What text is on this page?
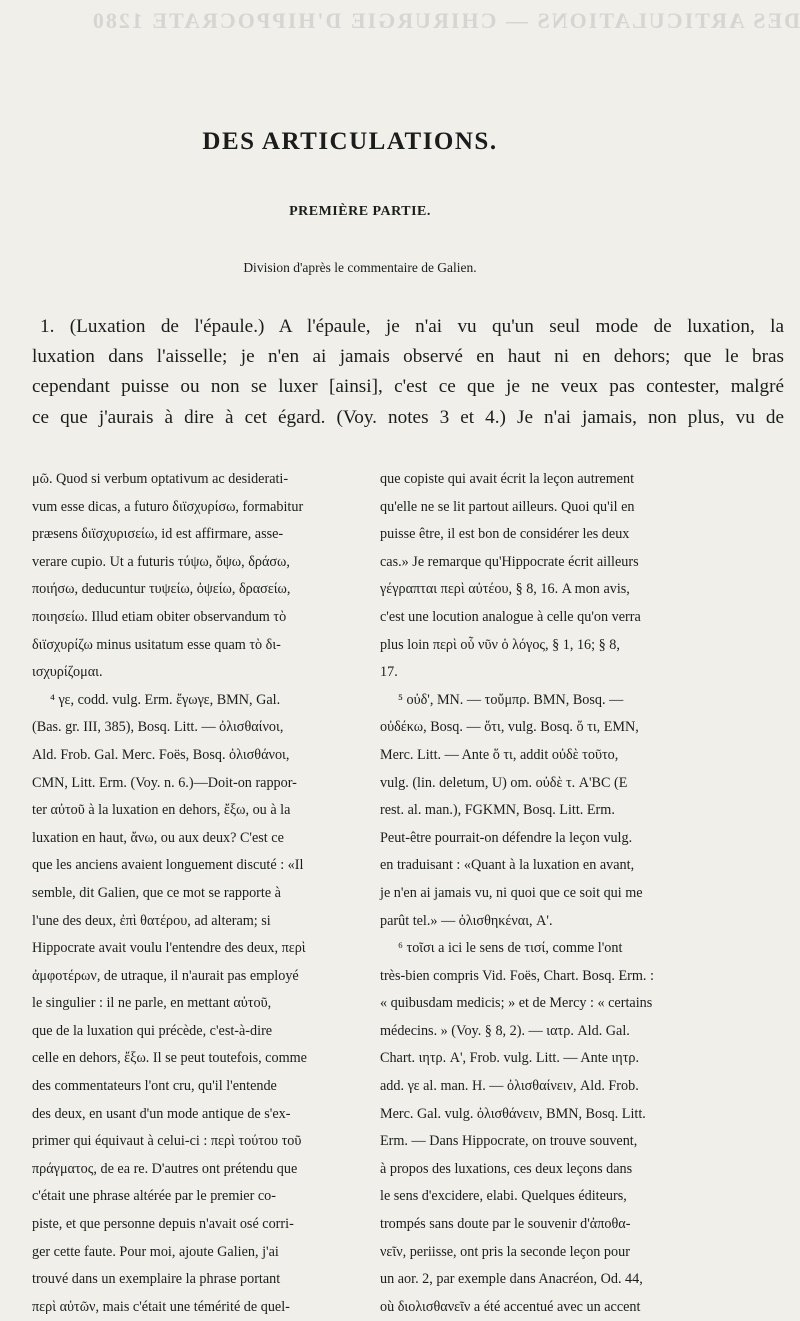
DES ARTICULATIONS — CHIRURGIE D'HIPPOCRATE 1280
DES ARTICULATIONS.
PREMIÈRE PARTIE.
Division d'après le commentaire de Galien.
1. (Luxation de l'épaule.) A l'épaule, je n'ai vu qu'un seul mode de luxation, la
luxation dans l'aisselle; je n'en ai jamais observé en haut ni en dehors; que le bras
cependant puisse ou non se luxer [ainsi], c'est ce que je ne veux pas contester, malgré
ce que j'aurais à dire à cet égard. (Voy. notes 3 et 4.) Je n'ai jamais, non plus, vu de
μῶ. Quod si verbum optativum ac desiderati-
vum esse dicas, a futuro διϊσχυρίσω, formabitur
præsens διϊσχυρισείω, id est affirmare, asse-
verare cupio. Ut a futuris τύψω, ὄψω, δράσω,
ποιήσω, deducuntur τυψείω, ὀψείω, δρασείω,
ποιησείω. Illud etiam obiter observandum τὸ
διϊσχυρίζω minus usitatum esse quam τὸ δι-
ισχυρίζομαι.
⁴ γε, codd. vulg. Erm. ἔγωγε, BMN, Gal.
(Bas. gr. III, 385), Bosq. Litt. — ὀλισθαίνοι,
Ald. Frob. Gal. Merc. Foës, Bosq. ὀλισθάνοι,
CMN, Litt. Erm. (Voy. n. 6.)—Doit-on rappor-
ter αὐτοῦ à la luxation en dehors, ἔξω, ou à la
luxation en haut, ἄνω, ou aux deux? C'est ce
que les anciens avaient longuement discuté : «Il
semble, dit Galien, que ce mot se rapporte à
l'une des deux, ἐπὶ θατέρου, ad alteram; si
Hippocrate avait voulu l'entendre des deux, περὶ
ἀμφοτέρων, de utraque, il n'aurait pas employé
le singulier : il ne parle, en mettant αὐτοῦ,
que de la luxation qui précède, c'est-à-dire
celle en dehors, ἔξω. Il se peut toutefois, comme
des commentateurs l'ont cru, qu'il l'entende
des deux, en usant d'un mode antique de s'ex-
primer qui équivaut à celui-ci : περὶ τούτου τοῦ
πράγματος, de ea re. D'autres ont prétendu que
c'était une phrase altérée par le premier co-
piste, et que personne depuis n'avait osé corri-
ger cette faute. Pour moi, ajoute Galien, j'ai
trouvé dans un exemplaire la phrase portant
περὶ αὐτῶν, mais c'était une témérité de quel-
que copiste qui avait écrit la leçon autrement
qu'elle ne se lit partout ailleurs. Quoi qu'il en
puisse être, il est bon de considérer les deux
cas.» Je remarque qu'Hippocrate écrit ailleurs
γέγραπται περὶ αὐτέου, § 8, 16. A mon avis,
c'est une locution analogue à celle qu'on verra
plus loin περὶ οὗ νῦν ὁ λόγος, § 1, 16; § 8,
17.
⁵ οὐδ', MN. — τοὔμπρ. BMN, Bosq. —
οὐδέκω, Bosq. — ὅτι, vulg. Bosq. ὅ τι, EMN,
Merc. Litt. — Ante ὅ τι, addit οὐδὲ τοῦτο,
vulg. (lin. deletum, U) om. οὐδὲ τ. A'BC (E
rest. al. man.), FGKMN, Bosq. Litt. Erm.
Peut-être pourrait-on défendre la leçon vulg.
en traduisant : «Quant à la luxation en avant,
je n'en ai jamais vu, ni quoi que ce soit qui me
parût tel.» — ὀλισθηκέναι, A'.
⁶ τοῖσι a ici le sens de τισί, comme l'ont
très-bien compris Vid. Foës, Chart. Bosq. Erm. :
« quibusdam medicis; » et de Mercy : « certains
médecins. » (Voy. § 8, 2). — ιατρ. Ald. Gal.
Chart. ιητρ. A', Frob. vulg. Litt. — Ante ιητρ.
add. γε al. man. H. — ὀλισθαίνειν, Ald. Frob.
Merc. Gal. vulg. ὀλισθάνειν, BMN, Bosq. Litt.
Erm. — Dans Hippocrate, on trouve souvent,
à propos des luxations, ces deux leçons dans
le sens d'excidere, elabi. Quelques éditeurs,
trompés sans doute par le souvenir d'ἀποθα-
νεῖν, periisse, ont pris la seconde leçon pour
un aor. 2, par exemple dans Anacréon, Od. 44,
où διολισθανεῖν a été accentué avec un accent
